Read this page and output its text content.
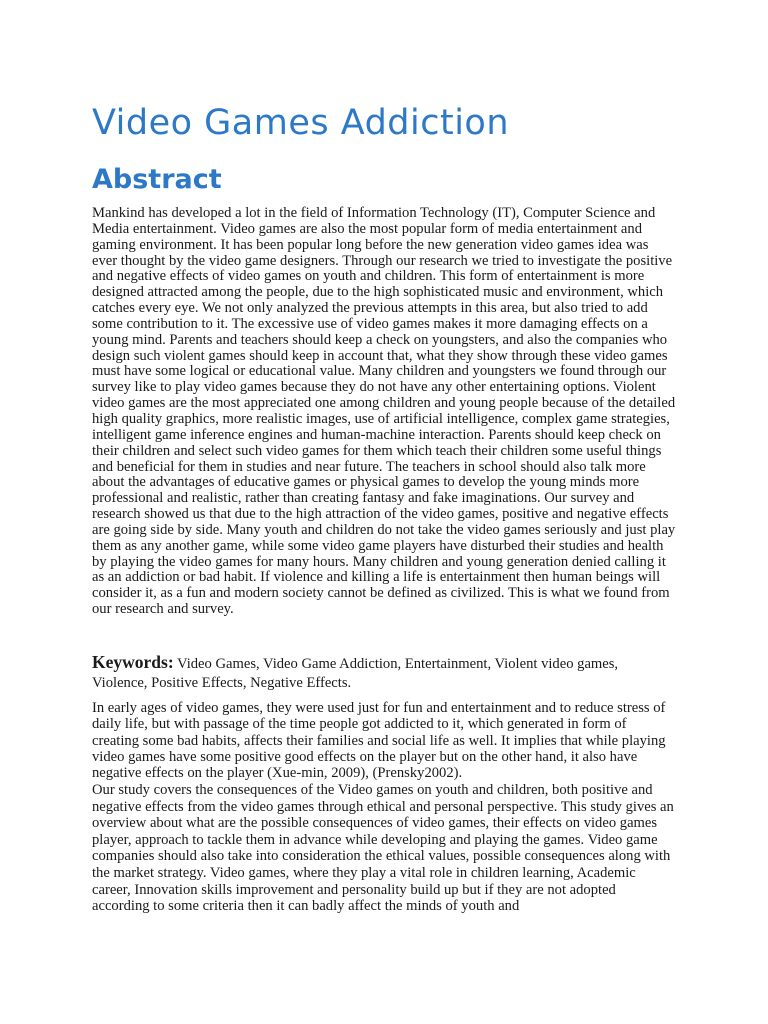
Video Games Addiction
Abstract

Mankind has developed a lot in the field of Information Technology (IT), Computer Science and Media entertainment. Video games are also the most popular form of media entertainment and gaming environment. It has been popular long before the new generation video games idea was ever thought by the video game designers. Through our research we tried to investigate the positive and negative effects of video games on youth and children. This form of entertainment is more designed attracted among the people, due to the high sophisticated music and environment, which catches every eye. We not only analyzed the previous attempts in this area, but also tried to add some contribution to it. The excessive use of video games makes it more damaging effects on a young mind. Parents and teachers should keep a check on youngsters, and also the companies who design such violent games should keep in account that, what they show through these video games must have some logical or educational value. Many children and youngsters we found through our survey like to play video games because they do not have any other entertaining options. Violent video games are the most appreciated one among children and young people because of the detailed high quality graphics, more realistic images, use of artificial intelligence, complex game strategies, intelligent game inference engines and human-machine interaction. Parents should keep check on their children and select such video games for them which teach their children some useful things and beneficial for them in studies and near future. The teachers in school should also talk more about the advantages of educative games or physical games to develop the young minds more professional and realistic, rather than creating fantasy and fake imaginations. Our survey and research showed us that due to the high attraction of the video games, positive and negative effects are going side by side. Many youth and children do not take the video games seriously and just play them as any another game, while some video game players have disturbed their studies and health by playing the video games for many hours. Many children and young generation denied calling it as an addiction or bad habit. If violence and killing a life is entertainment then human beings will consider it, as a fun and modern society cannot be defined as civilized. This is what we found from our research and survey.

Keywords: Video Games, Video Game Addiction, Entertainment, Violent video games, Violence, Positive Effects, Negative Effects.

In early ages of video games, they were used just for fun and entertainment and to reduce stress of daily life, but with passage of the time people got addicted to it, which generated in form of creating some bad habits, affects their families and social life as well. It implies that while playing video games have some positive good effects on the player but on the other hand, it also have negative effects on the player (Xue-min, 2009), (Prensky2002).

Our study covers the consequences of the Video games on youth and children, both positive and negative effects from the video games through ethical and personal perspective. This study gives an overview about what are the possible consequences of video games, their effects on video games player, approach to tackle them in advance while developing and playing the games. Video game companies should also take into consideration the ethical values, possible consequences along with the market strategy. Video games, where they play a vital role in children learning, Academic career, Innovation skills improvement and personality build up but if they are not adopted according to some criteria then it can badly affect the minds of youth and
